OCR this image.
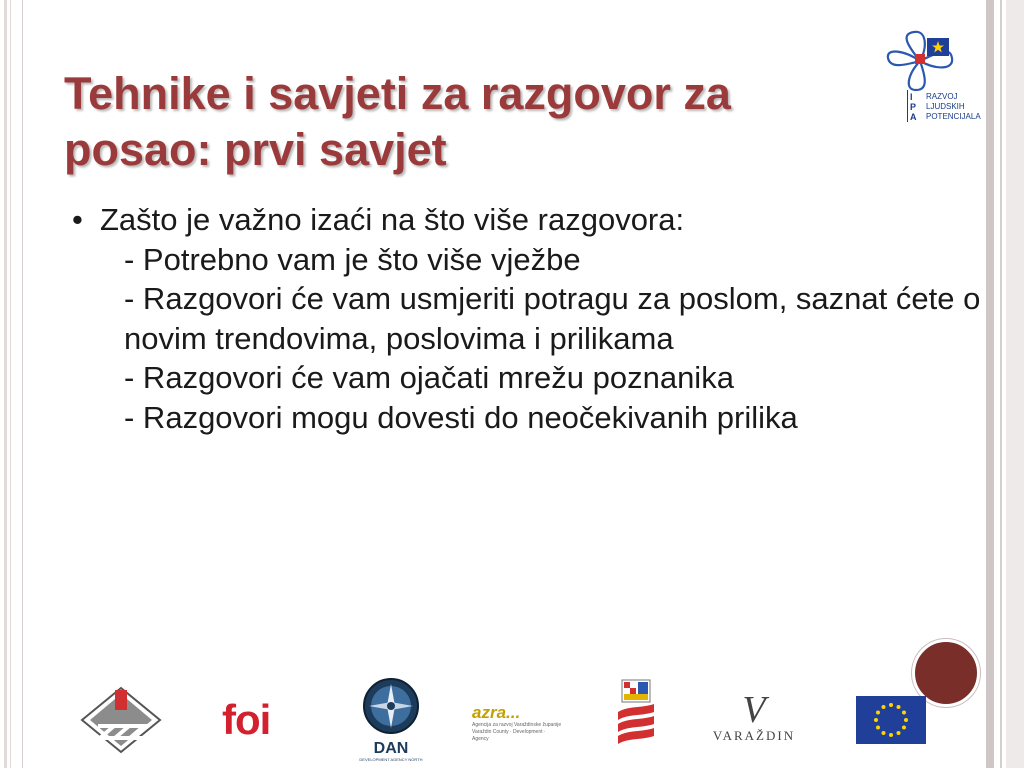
Tehnike i savjeti za razgovor za posao: prvi savjet
I
P
A
RAZVOJ
LJUDSKIH
POTENCIJALA

• Zašto je važno izaći na što više razgovora:

- Potrebno vam je što više vježbe

- Razgovori će vam usmjeriti potragu za poslom, saznat ćete o novim trendovima, poslovima i prilikama

- Razgovori će vam ojačati mrežu poznanika

- Razgovori mogu dovesti do neočekivanih prilika

foi
DAN
DEVELOPMENT AGENCY NORTH
azra...
Agencija za razvoj Varaždinske županije
Varaždin County · Development · Agency
V
VARAŽDIN
